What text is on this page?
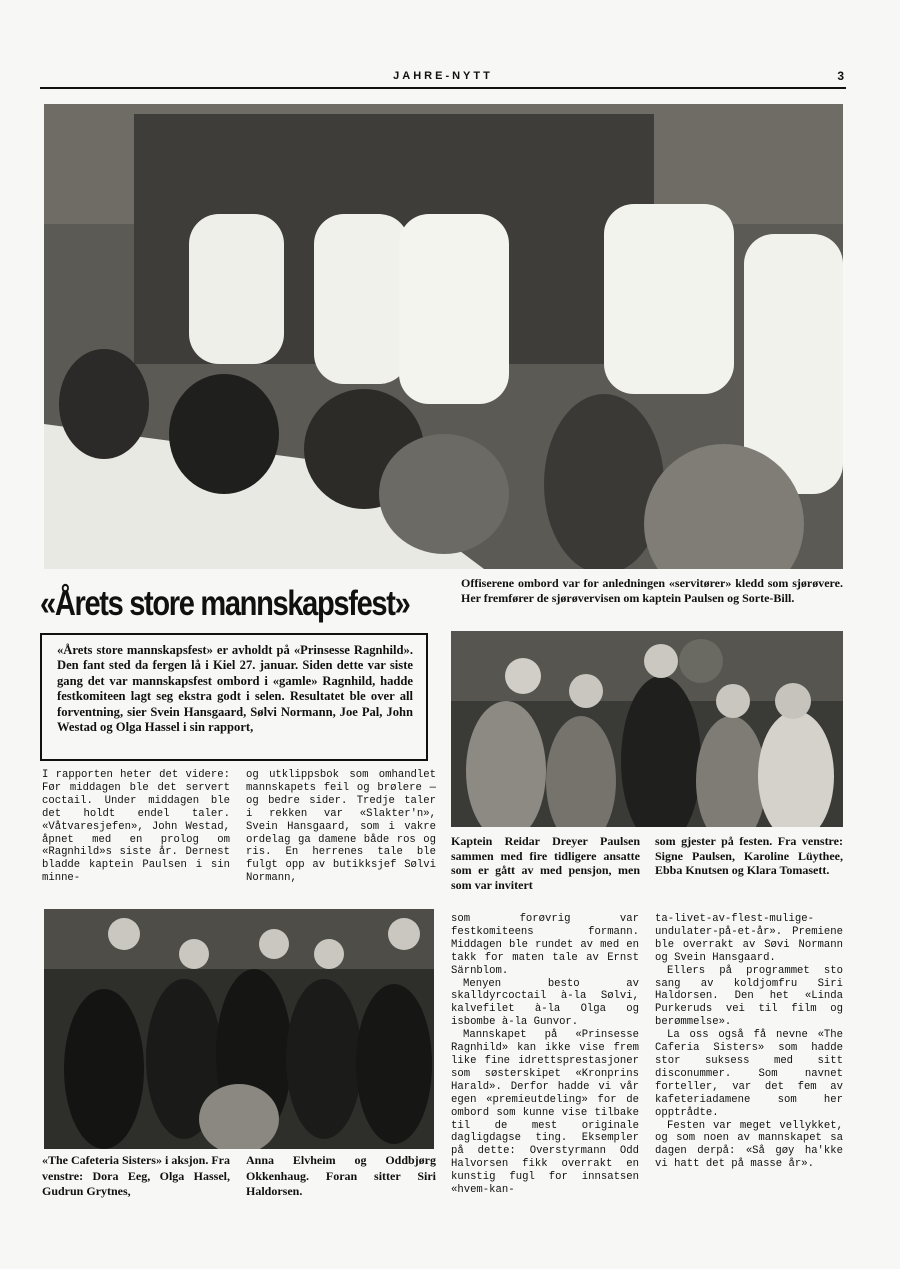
JAHRE-NYTT	3
«Årets store mannskapsfest»
Offiserene ombord var for anledningen «servitører» kledd som sjørøvere. Her fremfører de sjørøvervisen om kaptein Paulsen og Sorte-Bill.

«Årets store mannskapsfest» er avholdt på «Prinsesse Ragnhild». Den fant sted da fergen lå i Kiel 27. januar. Siden dette var siste gang det var mannskapsfest ombord i «gamle» Ragnhild, hadde festkomiteen lagt seg ekstra godt i selen. Resultatet ble over all forventning, sier Svein Hansgaard, Sølvi Normann, Joe Pal, John Westad og Olga Hassel i sin rapport,

I rapporten heter det videre: Før middagen ble det servert coctail. Under middagen ble det holdt endel taler. «Våtvaresjefen», John Westad, åpnet med en prolog om «Ragnhild»s siste år. Dernest bladde kaptein Paulsen i sin minne-

og utklippsbok som omhandlet mannskapets feil og brølere — og bedre sider. Tredje taler i rekken var «Slakter'n», Svein Hansgaard, som i vakre ordelag ga damene både ros og ris. En herrenes tale ble fulgt opp av butikksjef Sølvi Normann,

Kaptein Reidar Dreyer Paulsen sammen med fire tidligere ansatte som er gått av med pensjon, men som var invitert
som gjester på festen. Fra venstre: Signe Paulsen, Karoline Lüythee, Ebba Knutsen og Klara Tomasett.
«The Cafeteria Sisters» i aksjon. Fra venstre: Dora Eeg, Olga Hassel, Gudrun Grytnes,
Anna Elvheim og Oddbjørg Okkenhaug. Foran sitter Siri Haldorsen.

som forøvrig var festkomiteens formann. Middagen ble rundet av med en takk for maten tale av Ernst Särnblom.

Menyen besto av skalldyrcoctail à-la Sølvi, kalvefilet à-la Olga og isbombe à-la Gunvor.

Mannskapet på «Prinsesse Ragnhild» kan ikke vise frem like fine idrettsprestasjoner som søsterskipet «Kronprins Harald». Derfor hadde vi vår egen «premieutdeling» for de ombord som kunne vise tilbake til de mest originale dagligdagse ting. Eksempler på dette: Overstyrmann Odd Halvorsen fikk overrakt en kunstig fugl for innsatsen «hvem-kan-

ta-livet-av-flest-mulige-undulater-på-et-år». Premiene ble overrakt av Søvi Normann og Svein Hansgaard.

Ellers på programmet sto sang av koldjomfru Siri Haldorsen. Den het «Linda Purkeruds vei til film og berømmelse».

La oss også få nevne «The Caferia Sisters» som hadde stor suksess med sitt disconummer. Som navnet forteller, var det fem av kafeteriadamene som her opptrådte.

Festen var meget vellykket, og som noen av mannskapet sa dagen derpå: «Så gøy ha'kke vi hatt det på masse år».
